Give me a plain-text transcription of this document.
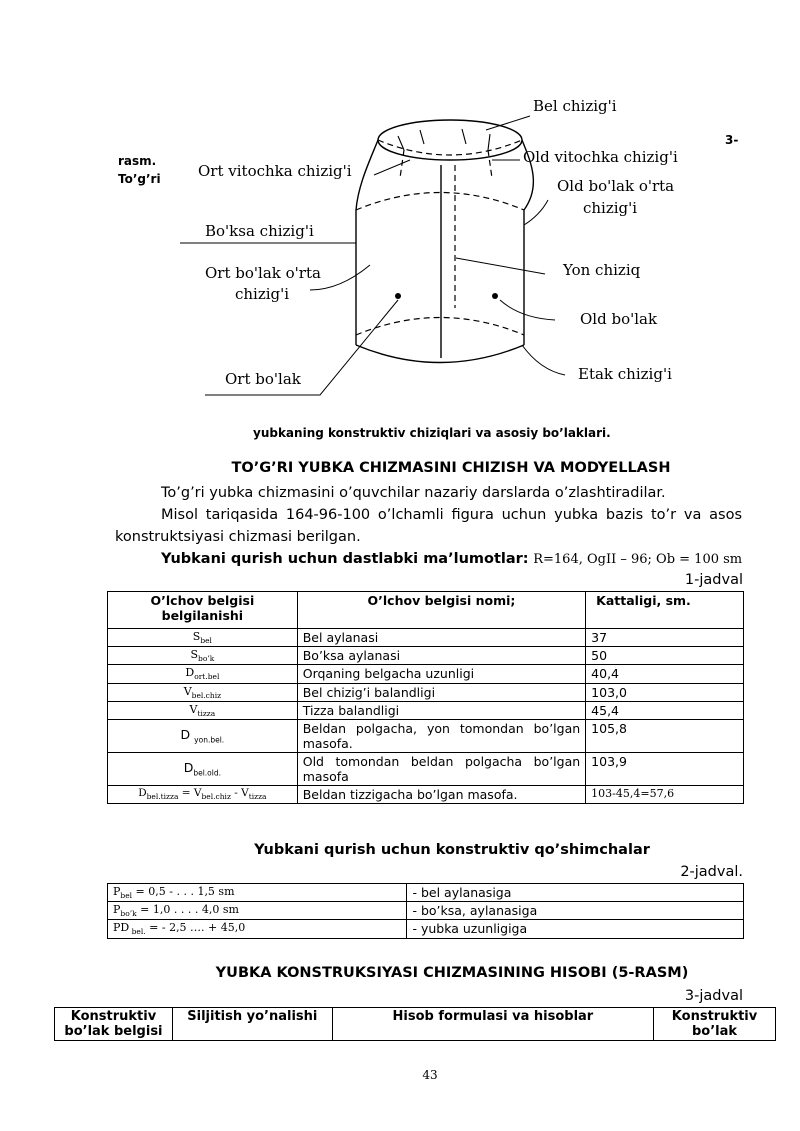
rasm.
To’g’ri
3-
Bel chizig'i
Ort vitochka chizig'i
Old vitochka chizig'i
Old bo'lak o'rta
chizig'i
Bo'ksa chizig'i
Ort bo'lak o'rta
chizig'i
Yon chiziq
Old bo'lak
Ort bo'lak	Etak chizig'i
yubkaning konstruktiv chiziqlari va asosiy bo’laklari.
TO’G’RI YUBKA CHIZMASINI CHIZISH VA MODYELLASH
To’g’ri yubka chizmasini o’quvchilar nazariy darslarda o’zlashtiradilar.
Misol tariqasida 164-96-100 o’lchamli figura uchun yubka bazis to’r va asos
konstruktsiyasi chizmasi berilgan.
Yubkani qurish uchun dastlabki ma’lumotlar: R=164, OgII – 96; Ob = 100 sm
1-jadval
O’lchov belgisi belgilanishi	O’lchov belgisi nomi;	Kattaligi, sm.
$S_{bel}$	Bel aylanasi	37
$S_{bo’k}$	Bo’ksa aylanasi	50
$D_{ort.bel}$	Orqaning belgacha uzunligi	40,4
$V_{bel.chiz}$	Bel chizig’i balandligi	103,0
$V_{tizza}$	Tizza balandligi	45,4
D $_{yon.bel.}$	Beldan polgacha, yon tomondan bo’lgan masofa.	105,8
$D_{bel.old.}$	Old tomondan beldan polgacha bo’lgan masofa	103,9
$D_{bel.tizza} = V_{bel.chiz} - V_{tizza}$	Beldan tizzigacha bo’lgan masofa.	103-45,4=57,6
Yubkani qurish uchun konstruktiv qo’shimchalar
2-jadval.
$P_{bel} = 0,5$ - . . . 1,5 sm	- bel aylanasiga
$P_{bo’k} = 1,0$ . . . . 4,0 sm	- bo’ksa, aylanasiga
PD $_{bel.}$ = - 2,5 …. + 45,0	- yubka uzunligiga
YUBKA KONSTRUKSIYASI CHIZMASINING HISOBI (5-RASM)
3-jadval
Konstruktiv bo’lak belgisi	Siljitish yo’nalishi	Hisob formulasi va hisoblar	Konstruktiv bo’lak
43
